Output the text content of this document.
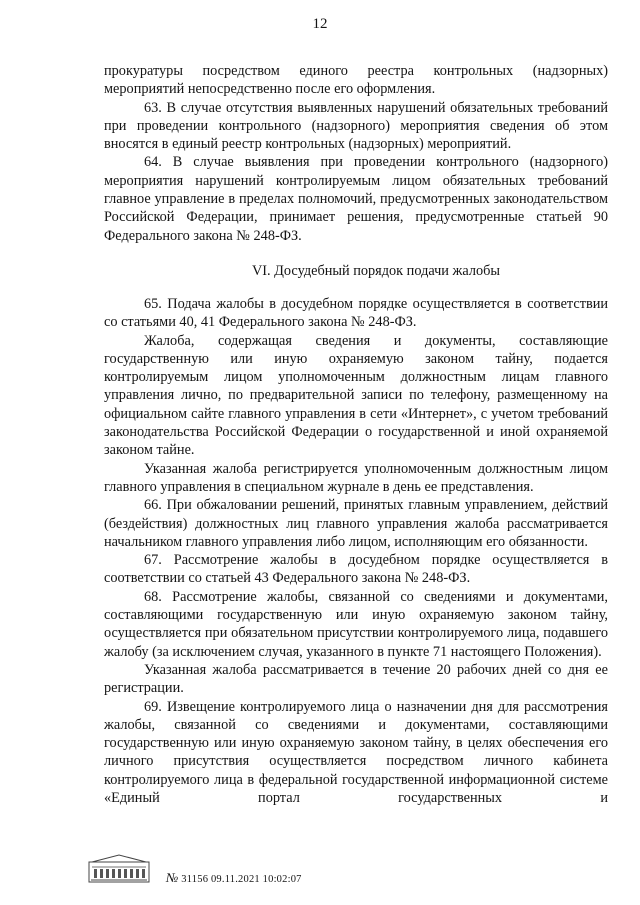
12

прокуратуры посредством единого реестра контрольных (надзорных) мероприятий непосредственно после его оформления.

63. В случае отсутствия выявленных нарушений обязательных требований при проведении контрольного (надзорного) мероприятия сведения об этом вносятся в единый реестр контрольных (надзорных) мероприятий.

64. В случае выявления при проведении контрольного (надзорного) мероприятия нарушений контролируемым лицом обязательных требований главное управление в пределах полномочий, предусмотренных законодательством Российской Федерации, принимает решения, предусмотренные статьей 90 Федерального закона № 248-ФЗ.

VI. Досудебный порядок подачи жалобы

65. Подача жалобы в досудебном порядке осуществляется в соответствии со статьями 40, 41 Федерального закона № 248-ФЗ.

Жалоба, содержащая сведения и документы, составляющие государственную или иную охраняемую законом тайну, подается контролируемым лицом уполномоченным должностным лицам главного управления лично, по предварительной записи по телефону, размещенному на официальном сайте главного управления в сети «Интернет», с учетом требований законодательства Российской Федерации о государственной и иной охраняемой законом тайне.

Указанная жалоба регистрируется уполномоченным должностным лицом главного управления в специальном журнале в день ее представления.

66. При обжаловании решений, принятых главным управлением, действий (бездействия) должностных лиц главного управления жалоба рассматривается начальником главного управления либо лицом, исполняющим его обязанности.

67. Рассмотрение жалобы в досудебном порядке осуществляется в соответствии со статьей 43 Федерального закона № 248-ФЗ.

68. Рассмотрение жалобы, связанной со сведениями и документами, составляющими государственную или иную охраняемую законом тайну, осуществляется при обязательном присутствии контролируемого лица, подавшего жалобу (за исключением случая, указанного в пункте 71 настоящего Положения).

Указанная жалоба рассматривается в течение 20 рабочих дней со дня ее регистрации.

69. Извещение контролируемого лица о назначении дня для рассмотрения жалобы, связанной со сведениями и документами, составляющими государственную или иную охраняемую законом тайну, в целях обеспечения его личного присутствия осуществляется посредством личного кабинета контролируемого лица в федеральной государственной информационной системе «Единый портал государственных и

№ 31156 09.11.2021 10:02:07
